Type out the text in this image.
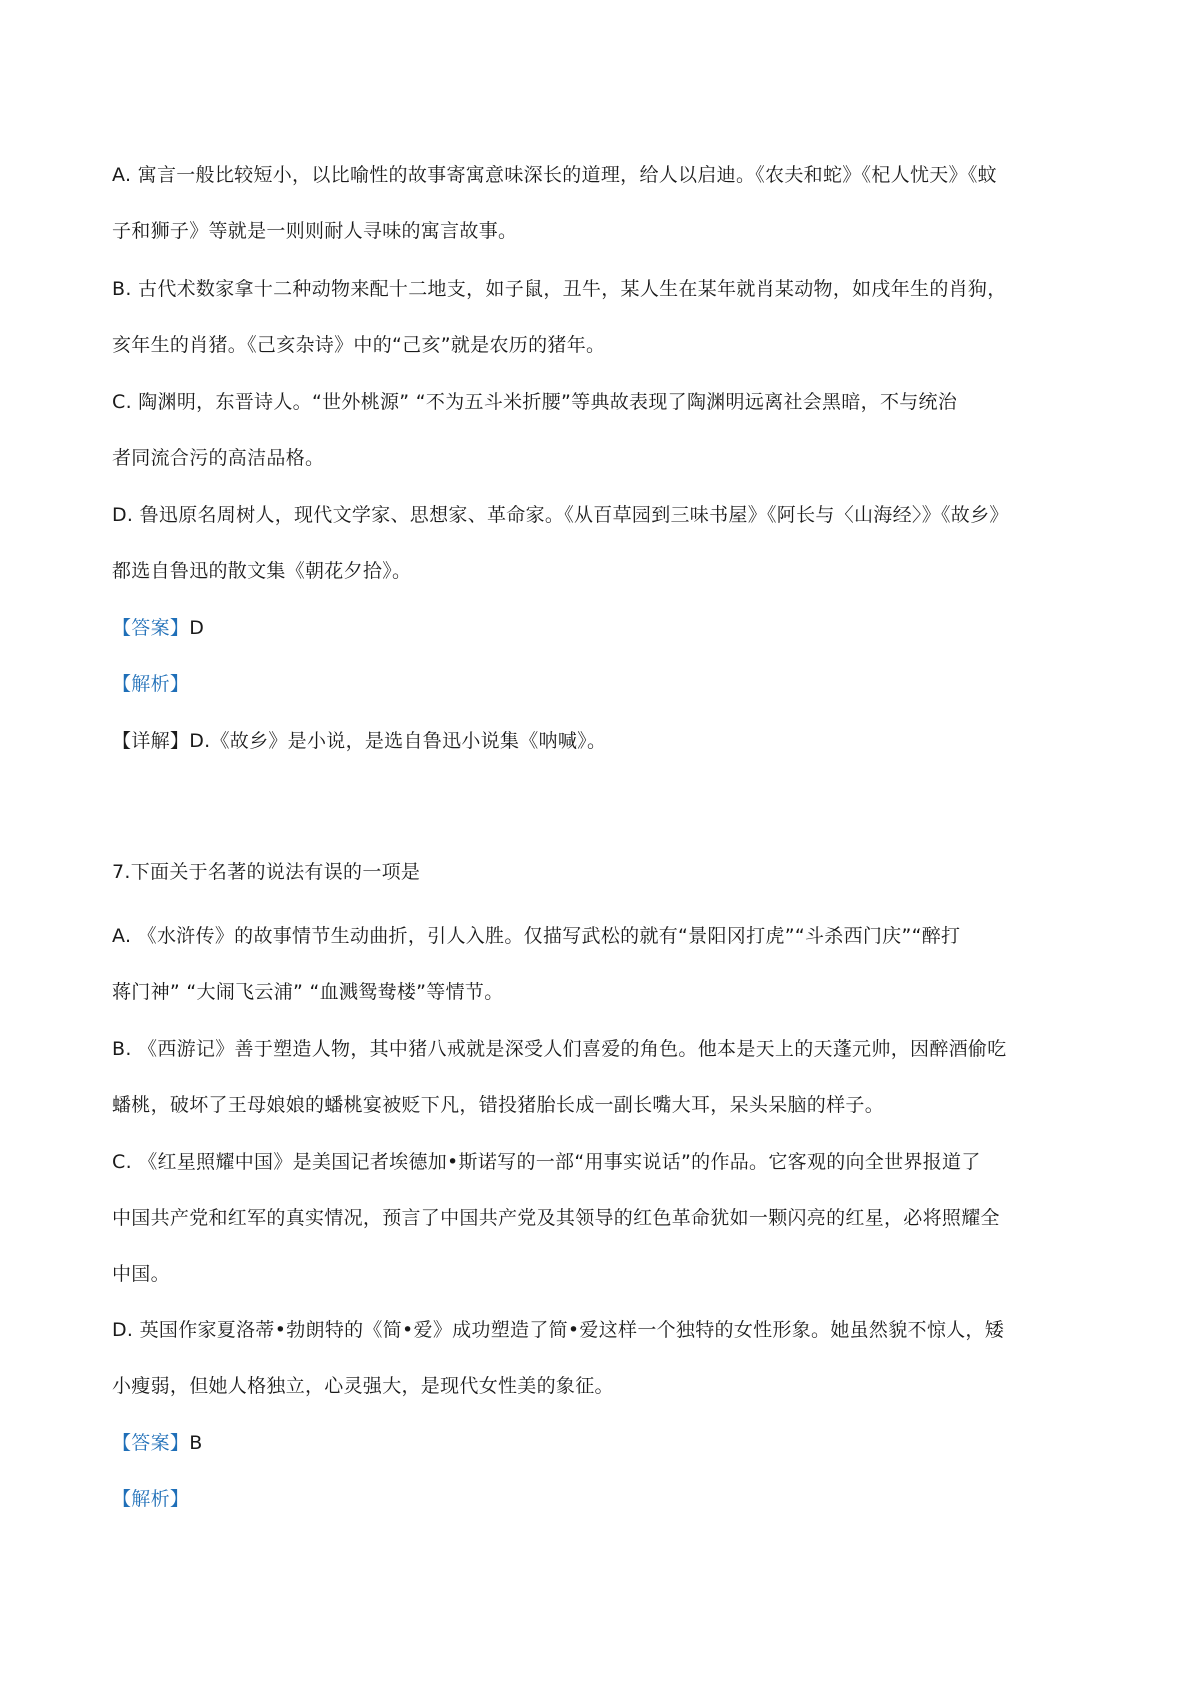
A. 寓言一般比较短小，以比喻性的故事寄寓意味深长的道理，给人以启迪。《农夫和蛇》《杞人忧天》《蚊

子和狮子》等就是一则则耐人寻味的寓言故事。

B. 古代术数家拿十二种动物来配十二地支，如子鼠，丑牛，某人生在某年就肖某动物，如戌年生的肖狗，

亥年生的肖猪。《己亥杂诗》中的“己亥”就是农历的猪年。

C. 陶渊明，东晋诗人。“世外桃源” “不为五斗米折腰”等典故表现了陶渊明远离社会黑暗，不与统治

者同流合污的高洁品格。

D. 鲁迅原名周树人，现代文学家、思想家、革命家。《从百草园到三味书屋》《阿长与〈山海经〉》《故乡》

都选自鲁迅的散文集《朝花夕拾》。

【答案】D

【解析】

【详解】D.《故乡》是小说，是选自鲁迅小说集《呐喊》。

7.下面关于名著的说法有误的一项是

A. 《水浒传》的故事情节生动曲折，引人入胜。仅描写武松的就有“景阳冈打虎”“斗杀西门庆”“醉打

蒋门神” “大闹飞云浦” “血溅鸳鸯楼”等情节。

B. 《西游记》善于塑造人物，其中猪八戒就是深受人们喜爱的角色。他本是天上的天蓬元帅，因醉酒偷吃

蟠桃，破坏了王母娘娘的蟠桃宴被贬下凡，错投猪胎长成一副长嘴大耳，呆头呆脑的样子。

C. 《红星照耀中国》是美国记者埃德加•斯诺写的一部“用事实说话”的作品。它客观的向全世界报道了

中国共产党和红军的真实情况，预言了中国共产党及其领导的红色革命犹如一颗闪亮的红星，必将照耀全

中国。

D. 英国作家夏洛蒂•勃朗特的《简•爱》成功塑造了简•爱这样一个独特的女性形象。她虽然貌不惊人，矮

小瘦弱，但她人格独立，心灵强大，是现代女性美的象征。

【答案】B

【解析】
